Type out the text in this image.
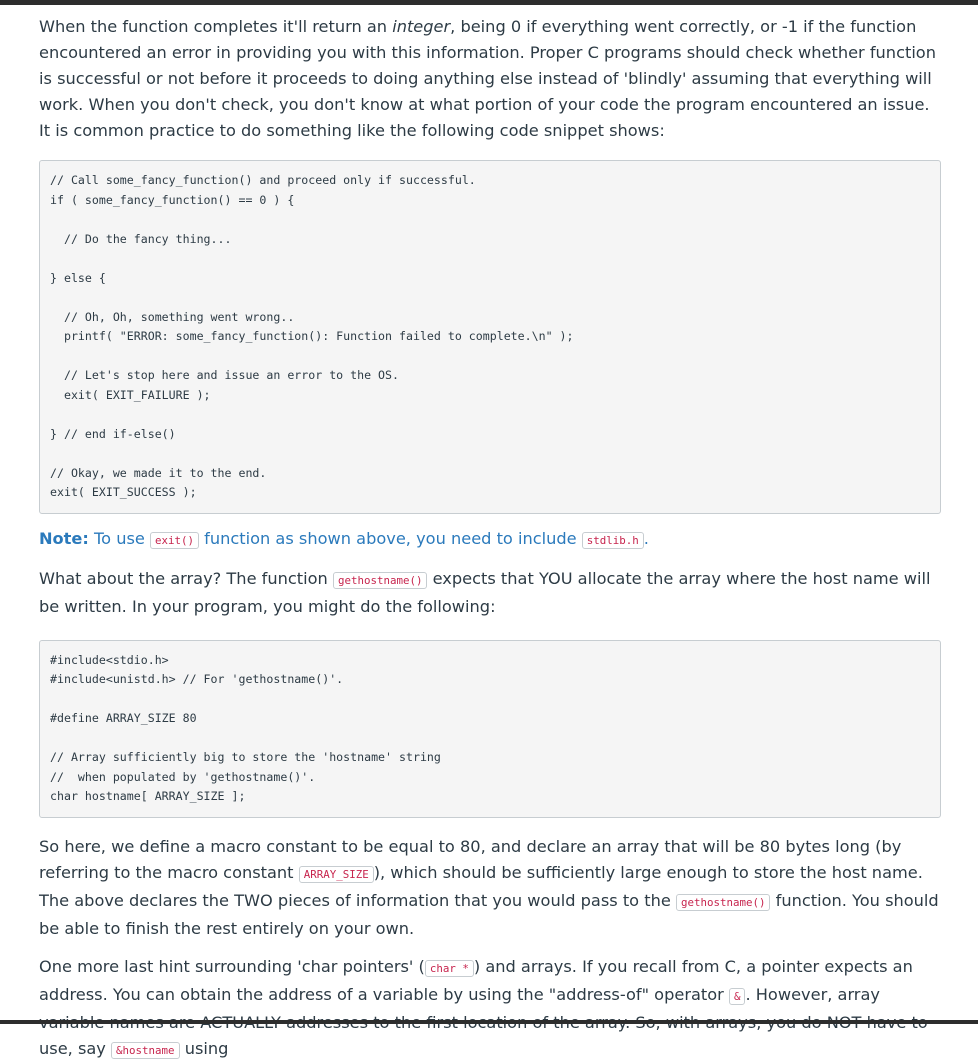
When the function completes it'll return an integer, being 0 if everything went correctly, or -1 if the function encountered an error in providing you with this information. Proper C programs should check whether function is successful or not before it proceeds to doing anything else instead of 'blindly' assuming that everything will work. When you don't check, you don't know at what portion of your code the program encountered an issue. It is common practice to do something like the following code snippet shows:

// Call some_fancy_function() and proceed only if successful.
if ( some_fancy_function() == 0 ) {
// Do the fancy thing...
} else {
// Oh, Oh, something went wrong..
printf( "ERROR: some_fancy_function(): Function failed to complete.\n" );
// Let's stop here and issue an error to the OS.
exit( EXIT_FAILURE );
} // end if-else()
// Okay, we made it to the end.
exit( EXIT_SUCCESS );

Note: To use exit() function as shown above, you need to include stdlib.h .

What about the array? The function gethostname() expects that YOU allocate the array where the host name will be written. In your program, you might do the following:

#include<stdio.h>
#include<unistd.h> // For 'gethostname()'.
#define ARRAY_SIZE 80
// Array sufficiently big to store the 'hostname' string
//  when populated by 'gethostname()'.
char hostname[ ARRAY_SIZE ];

So here, we define a macro constant to be equal to 80, and declare an array that will be 80 bytes long (by referring to the macro constant ARRAY_SIZE ), which should be sufficiently large enough to store the host name. The above declares the TWO pieces of information that you would pass to the gethostname() function. You should be able to finish the rest entirely on your own.

One more last hint surrounding 'char pointers' ( char * ) and arrays. If you recall from C, a pointer expects an address. You can obtain the address of a variable by using the "address-of" operator & . However, array use, say &hostname using
